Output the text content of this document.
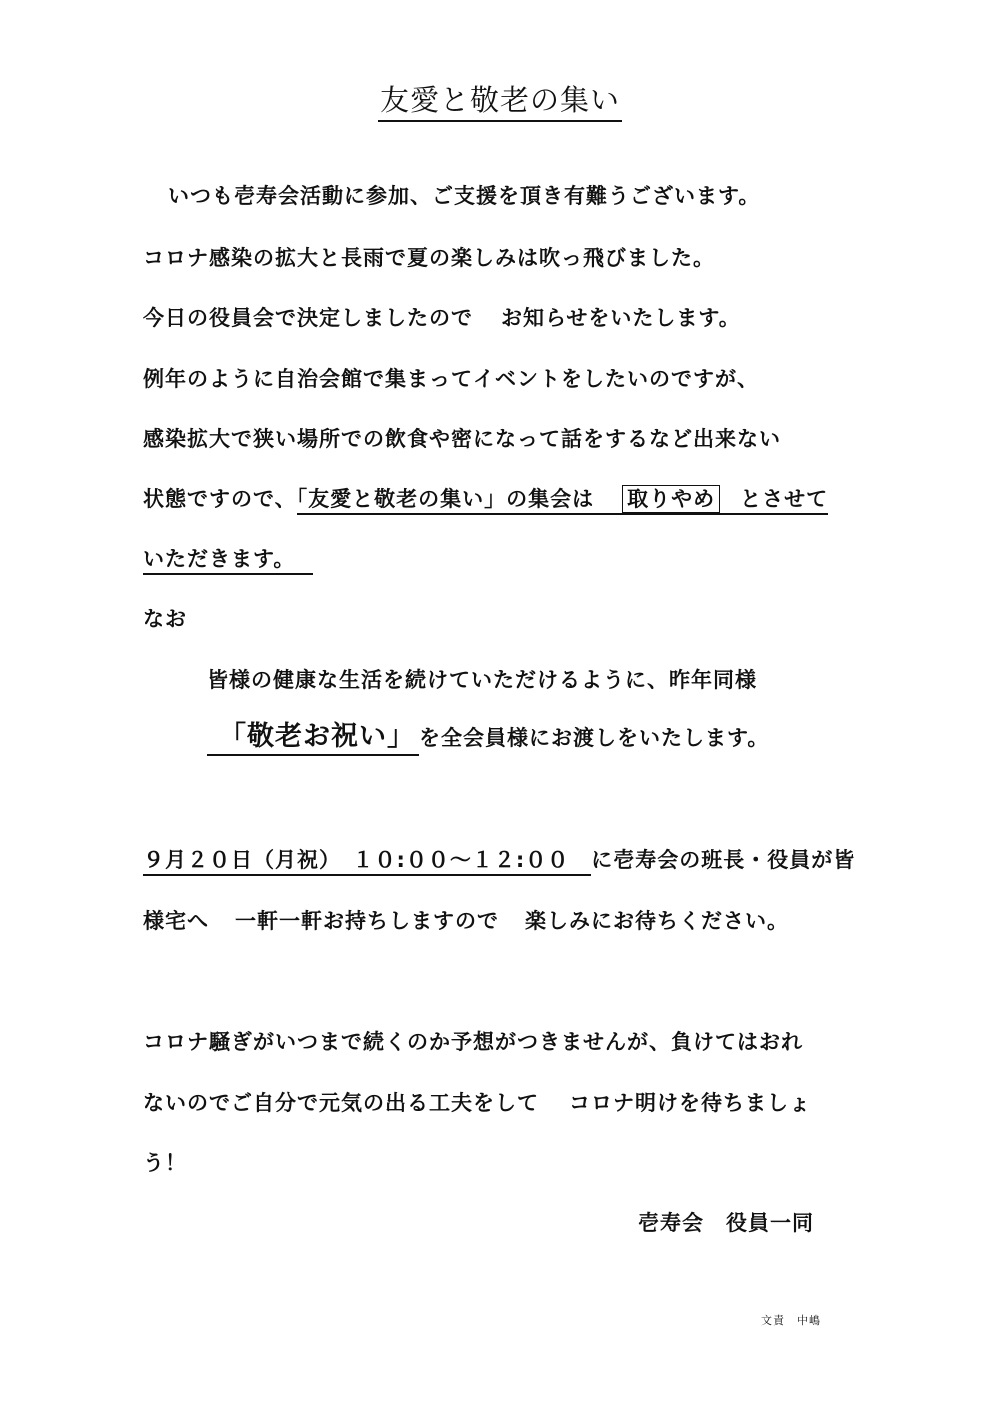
友愛と敬老の集い
いつも壱寿会活動に参加、ご支援を頂き有難うございます。
コロナ感染の拡大と長雨で夏の楽しみは吹っ飛びました。
今日の役員会で決定しましたので お知らせをいたします。
例年のように自治会館で集まってイベントをしたいのですが、
感染拡大で狭い場所での飲食や密になって話をするなど出来ない
状態ですので、「友愛と敬老の集い」の集会は 取りやめ とさせて
いただきます。
なお
皆様の健康な生活を続けていただけるように、昨年同様
「敬老お祝い」 を全会員様にお渡しをいたします。
９月２０日（月祝）　１０:００～１２:００ に壱寿会の班長・役員が皆
様宅へ 一軒一軒お持ちしますので 楽しみにお待ちください。
コロナ騒ぎがいつまで続くのか予想がつきませんが、負けてはおれ
ないのでご自分で元気の出る工夫をして コロナ明けを待ちましょ
う！
壱寿会　役員一同
文責　中嶋
